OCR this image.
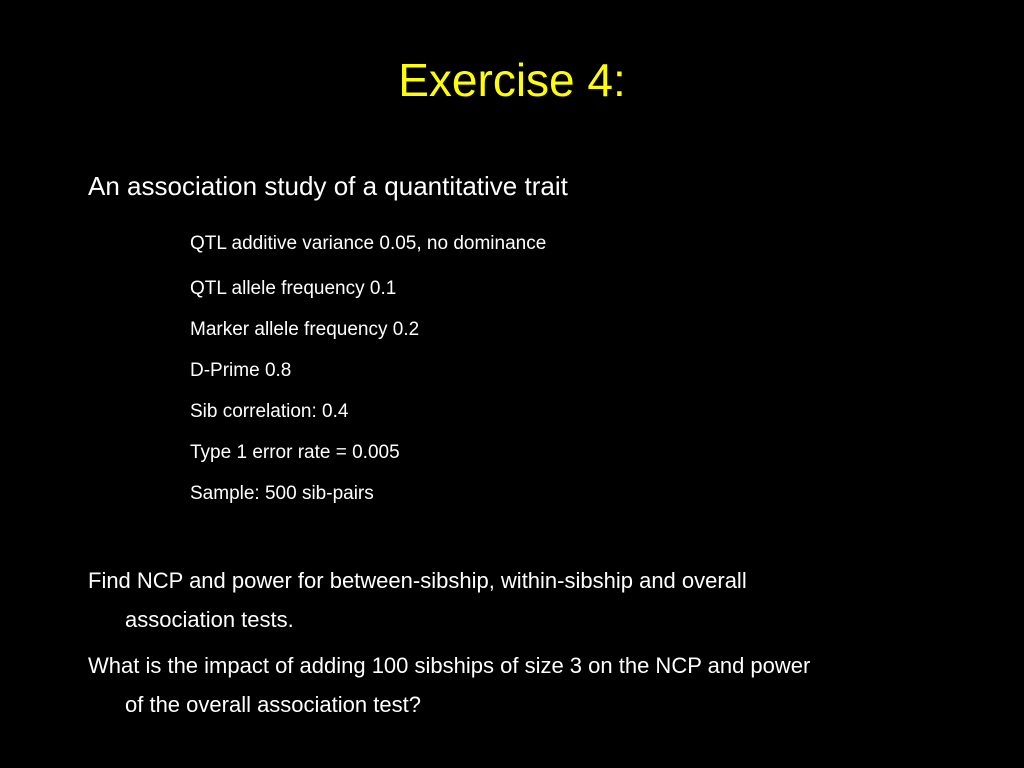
Exercise 4:
An association study of a quantitative trait
QTL additive variance 0.05, no dominance
QTL allele frequency 0.1
Marker allele frequency 0.2
D-Prime 0.8
Sib correlation: 0.4
Type 1 error rate = 0.005
Sample: 500 sib-pairs
Find NCP and power for between-sibship, within-sibship and overall
association tests.
What is the impact of adding 100 sibships of size 3 on the NCP and power
of the overall association test?
